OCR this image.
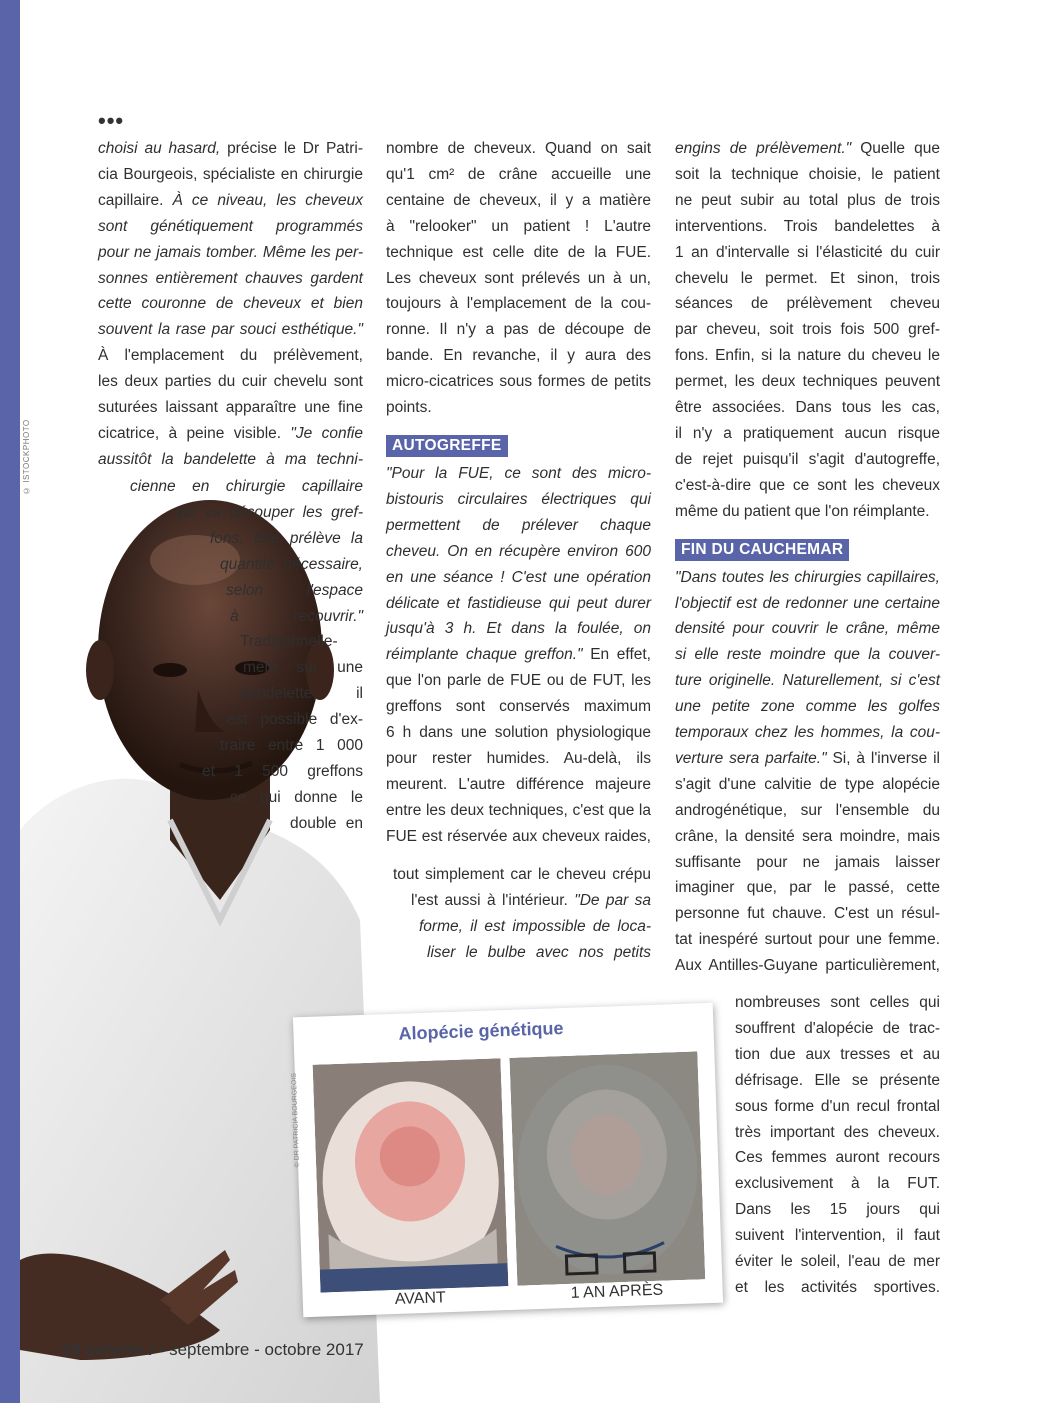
© ISTOCKPHOTO
•••
choisi au hasard, précise le Dr Patri-
cia Bourgeois, spécialiste en chirurgie
capillaire. À ce niveau, les cheveux
sont génétiquement programmés
pour ne jamais tomber. Même les per-
sonnes entièrement chauves gardent
cette couronne de cheveux et bien
souvent la rase par souci esthétique."
À l'emplacement du prélèvement,
les deux parties du cuir chevelu sont
suturées laissant apparaître une fine
cicatrice, à peine visible. "Je confie
aussitôt la bandelette à ma techni-
cienne en chirurgie capillaire
qui va découper les gref-
fons. Elle prélève la
quantité nécessaire,
selon l'espace
à recouvrir."
Traditionnelle-
ment sur une
bandelette, il
est possible d'ex-
traire entre 1 000
et 1 500 greffons
ce qui donne le
double en
nombre de cheveux. Quand on sait
qu'1 cm² de crâne accueille une
centaine de cheveux, il y a matière
à "relooker" un patient ! L'autre
technique est celle dite de la FUE.
Les cheveux sont prélevés un à un,
toujours à l'emplacement de la cou-
ronne. Il n'y a pas de découpe de
bande. En revanche, il y aura des
micro-cicatrices sous formes de petits
points.
AUTOGREFFE
"Pour la FUE, ce sont des micro-
bistouris circulaires électriques qui
permettent de prélever chaque
cheveu. On en récupère environ 600
en une séance ! C'est une opération
délicate et fastidieuse qui peut durer
jusqu'à 3 h. Et dans la foulée, on
réimplante chaque greffon." En effet,
que l'on parle de FUE ou de FUT, les
greffons sont conservés maximum
6 h dans une solution physiologique
pour rester humides. Au-delà, ils
meurent. L'autre différence majeure
entre les deux techniques, c'est que la
FUE est réservée aux cheveux raides,
tout simplement car le cheveu crépu
l'est aussi à l'intérieur. "De par sa
forme, il est impossible de loca-
liser le bulbe avec nos petits
engins de prélèvement." Quelle que
soit la technique choisie, le patient
ne peut subir au total plus de trois
interventions. Trois bandelettes à
1 an d'intervalle si l'élasticité du cuir
chevelu le permet. Et sinon, trois
séances de prélèvement cheveu
par cheveu, soit trois fois 500 gref-
fons. Enfin, si la nature du cheveu le
permet, les deux techniques peuvent
être associées. Dans tous les cas,
il n'y a pratiquement aucun risque
de rejet puisqu'il s'agit d'autogreffe,
c'est-à-dire que ce sont les cheveux
même du patient que l'on réimplante.
FIN DU CAUCHEMAR
"Dans toutes les chirurgies capillaires,
l'objectif est de redonner une certaine
densité pour couvrir le crâne, même
si elle reste moindre que la couver-
ture originelle. Naturellement, si c'est
une petite zone comme les golfes
temporaux chez les hommes, la cou-
verture sera parfaite." Si, à l'inverse il
s'agit d'une calvitie de type alopécie
androgénétique, sur l'ensemble du
crâne, la densité sera moindre, mais
suffisante pour ne jamais laisser
imaginer que, par le passé, cette
personne fut chauve. C'est un résul-
tat inespéré surtout pour une femme.
Aux Antilles-Guyane particulièrement,
nombreuses sont celles qui
souffrent d'alopécie de trac-
tion due aux tresses et au
défrisage. Elle se présente
sous forme d'un recul frontal
très important des cheveux.
Ces femmes auront recours
exclusivement à la FUT.
Dans les 15 jours qui
suivent l'intervention, il faut
éviter le soleil, l'eau de mer
et les activités sportives.
Alopécie génétique
© DR PATRICIA BOURGEOIS
AVANT	1 AN APRÈS
68 anform ! • septembre - octobre 2017
